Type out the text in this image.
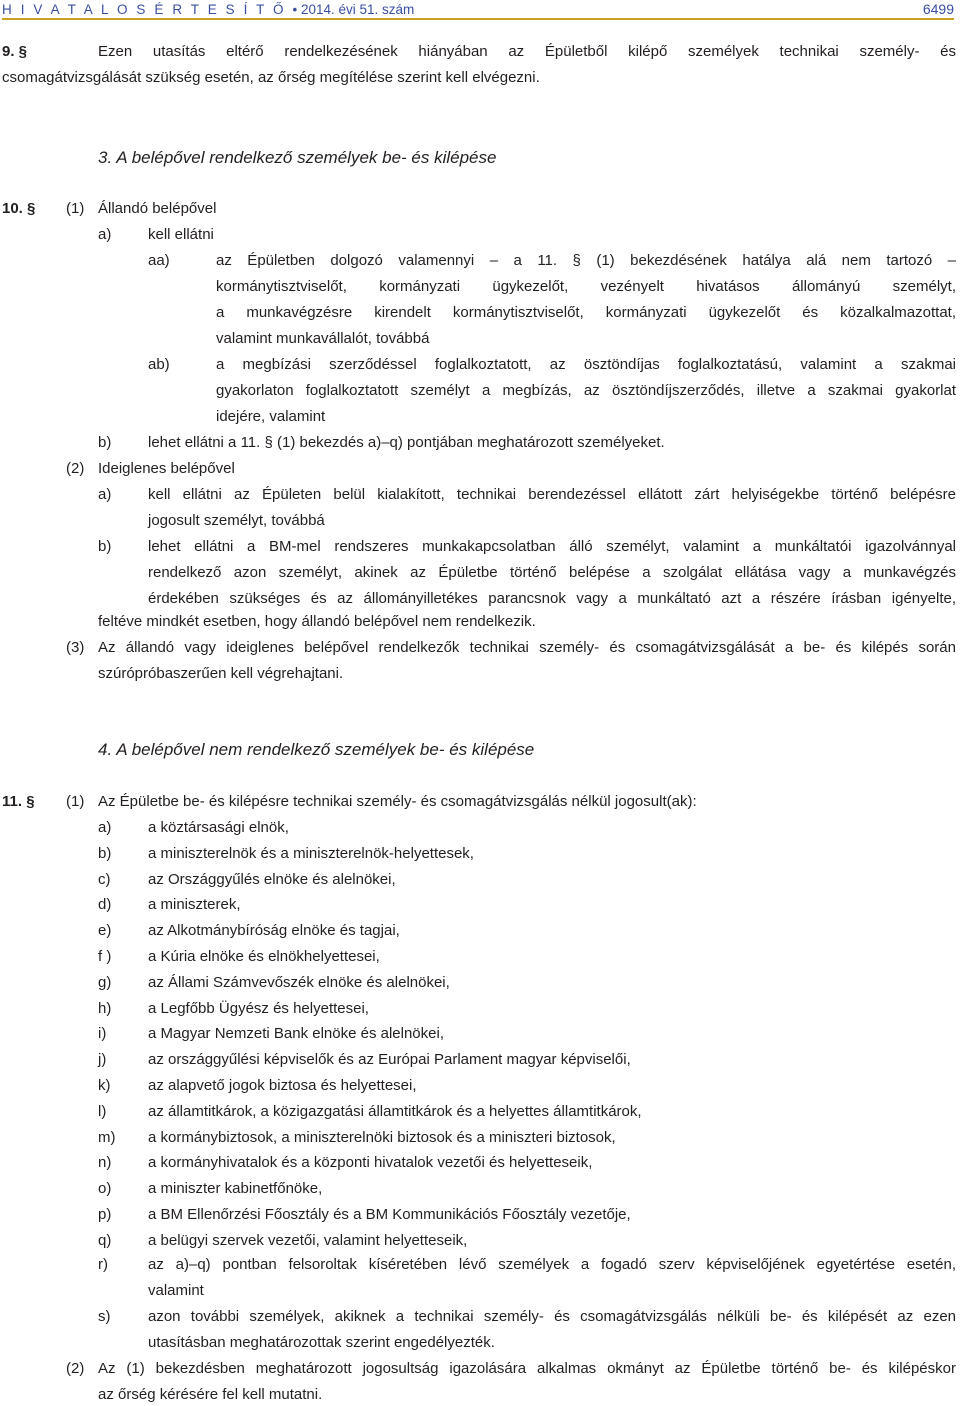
H I V A T A L O S É R T E S Í T Ő • 2014. évi 51. szám	6499
9. §	Ezen utasítás eltérő rendelkezésének hiányában az Épületből kilépő személyek technikai személy- és
csomagátvizsgálását szükség esetén, az őrség megítélése szerint kell elvégezni.
3. A belépővel rendelkező személyek be- és kilépése
10. § (1) Állandó belépővel
a) kell ellátni
aa)	az Épületben dolgozó valamennyi – a 11. § (1) bekezdésének hatálya alá nem tartozó –
kormánytisztviselőt, kormányzati ügykezelőt, vezényelt hivatásos állományú személyt,
a munkavégzésre kirendelt kormánytisztviselőt, kormányzati ügykezelőt és közalkalmazottat,
valamint munkavállalót, továbbá
ab)	a megbízási szerződéssel foglalkoztatott, az ösztöndíjas foglalkoztatású, valamint a szakmai
gyakorlaton foglalkoztatott személyt a megbízás, az ösztöndíjszerződés, illetve a szakmai gyakorlat
idejére, valamint
b) lehet ellátni a 11. § (1) bekezdés a)–q) pontjában meghatározott személyeket.
(2) Ideiglenes belépővel
a) kell ellátni az Épületen belül kialakított, technikai berendezéssel ellátott zárt helyiségekbe történő belépésre
jogosult személyt, továbbá
b) lehet ellátni a BM-mel rendszeres munkakapcsolatban álló személyt, valamint a munkáltatói igazolvánnyal
rendelkező azon személyt, akinek az Épületbe történő belépése a szolgálat ellátása vagy a munkavégzés
érdekében szükséges és az állományilletékes parancsnok vagy a munkáltató azt a részére írásban igényelte,
feltéve mindkét esetben, hogy állandó belépővel nem rendelkezik.
(3) Az állandó vagy ideiglenes belépővel rendelkezők technikai személy- és csomagátvizsgálását a be- és kilépés során
szúrópróbaszerűen kell végrehajtani.
4. A belépővel nem rendelkező személyek be- és kilépése
11. § (1) Az Épületbe be- és kilépésre technikai személy- és csomagátvizsgálás nélkül jogosult(ak):
a) a köztársasági elnök,
b) a miniszterelnök és a miniszterelnök-helyettesek,
c)	az Országgyűlés elnöke és alelnökei,
d) a miniszterek,
e) az Alkotmánybíróság elnöke és tagjai,
f ) a Kúria elnöke és elnökhelyettesei,
g) az Állami Számvevőszék elnöke és alelnökei,
h) a Legfőbb Ügyész és helyettesei,
i)	a Magyar Nemzeti Bank elnöke és alelnökei,
j)	az országgyűlési képviselők és az Európai Parlament magyar képviselői,
k)	az alapvető jogok biztosa és helyettesei,
l)	az államtitkárok, a közigazgatási államtitkárok és a helyettes államtitkárok,
m) a kormánybiztosok, a miniszterelnöki biztosok és a miniszteri biztosok,
n) a kormányhivatalok és a központi hivatalok vezetői és helyetteseik,
o) a miniszter kabinetfőnöke,
p) a BM Ellenőrzési Főosztály és a BM Kommunikációs Főosztály vezetője,
q) a belügyi szervek vezetői, valamint helyetteseik,
r)	az a)–q) pontban felsoroltak kíséretében lévő személyek a fogadó szerv képviselőjének egyetértése esetén,
valamint
s)	azon további személyek, akiknek a technikai személy- és csomagátvizsgálás nélküli be- és kilépését az ezen
utasításban meghatározottak szerint engedélyezték.
(2) Az (1) bekezdésben meghatározott jogosultság igazolására alkalmas okmányt az Épületbe történő be- és kilépéskor
az őrség kérésére fel kell mutatni.
